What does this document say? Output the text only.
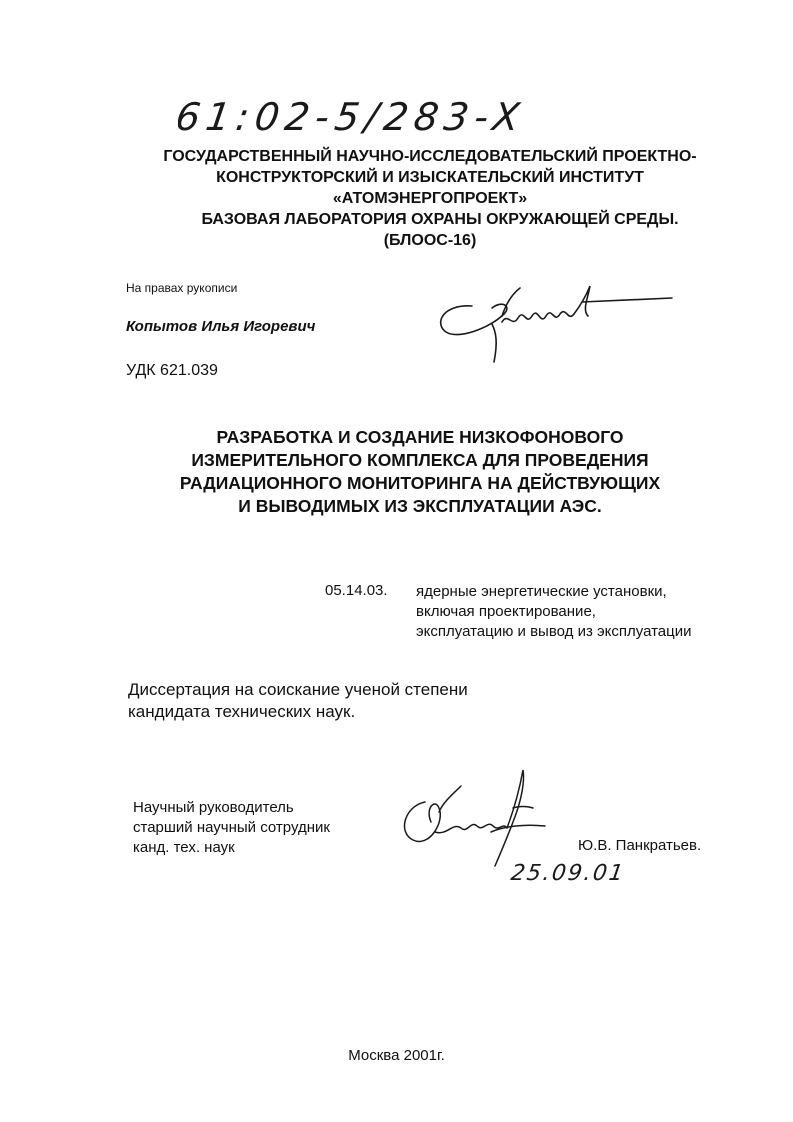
61:02-5/283-X
ГОСУДАРСТВЕННЫЙ НАУЧНО-ИССЛЕДОВАТЕЛЬСКИЙ ПРОЕКТНО-
КОНСТРУКТОРСКИЙ И ИЗЫСКАТЕЛЬСКИЙ ИНСТИТУТ
«АТОМЭНЕРГОПРОЕКТ»
БАЗОВАЯ ЛАБОРАТОРИЯ ОХРАНЫ ОКРУЖАЮЩЕЙ СРЕДЫ.
(БЛООС-16)
На правах рукописи
Копытов Илья Игоревич
УДК 621.039
РАЗРАБОТКА И СОЗДАНИЕ НИЗКОФОНОВОГО
ИЗМЕРИТЕЛЬНОГО КОМПЛЕКСА ДЛЯ ПРОВЕДЕНИЯ
РАДИАЦИОННОГО МОНИТОРИНГА НА ДЕЙСТВУЮЩИХ
И ВЫВОДИМЫХ ИЗ ЭКСПЛУАТАЦИИ АЭС.
05.14.03. ядерные энергетические установки,
включая проектирование,
эксплуатацию и вывод из эксплуатации
Диссертация на соискание ученой степени
кандидата технических наук.
Научный руководитель
старший научный сотрудник
канд. тех. наук	Ю.В. Панкратьев.
25.09.01
Москва 2001г.
